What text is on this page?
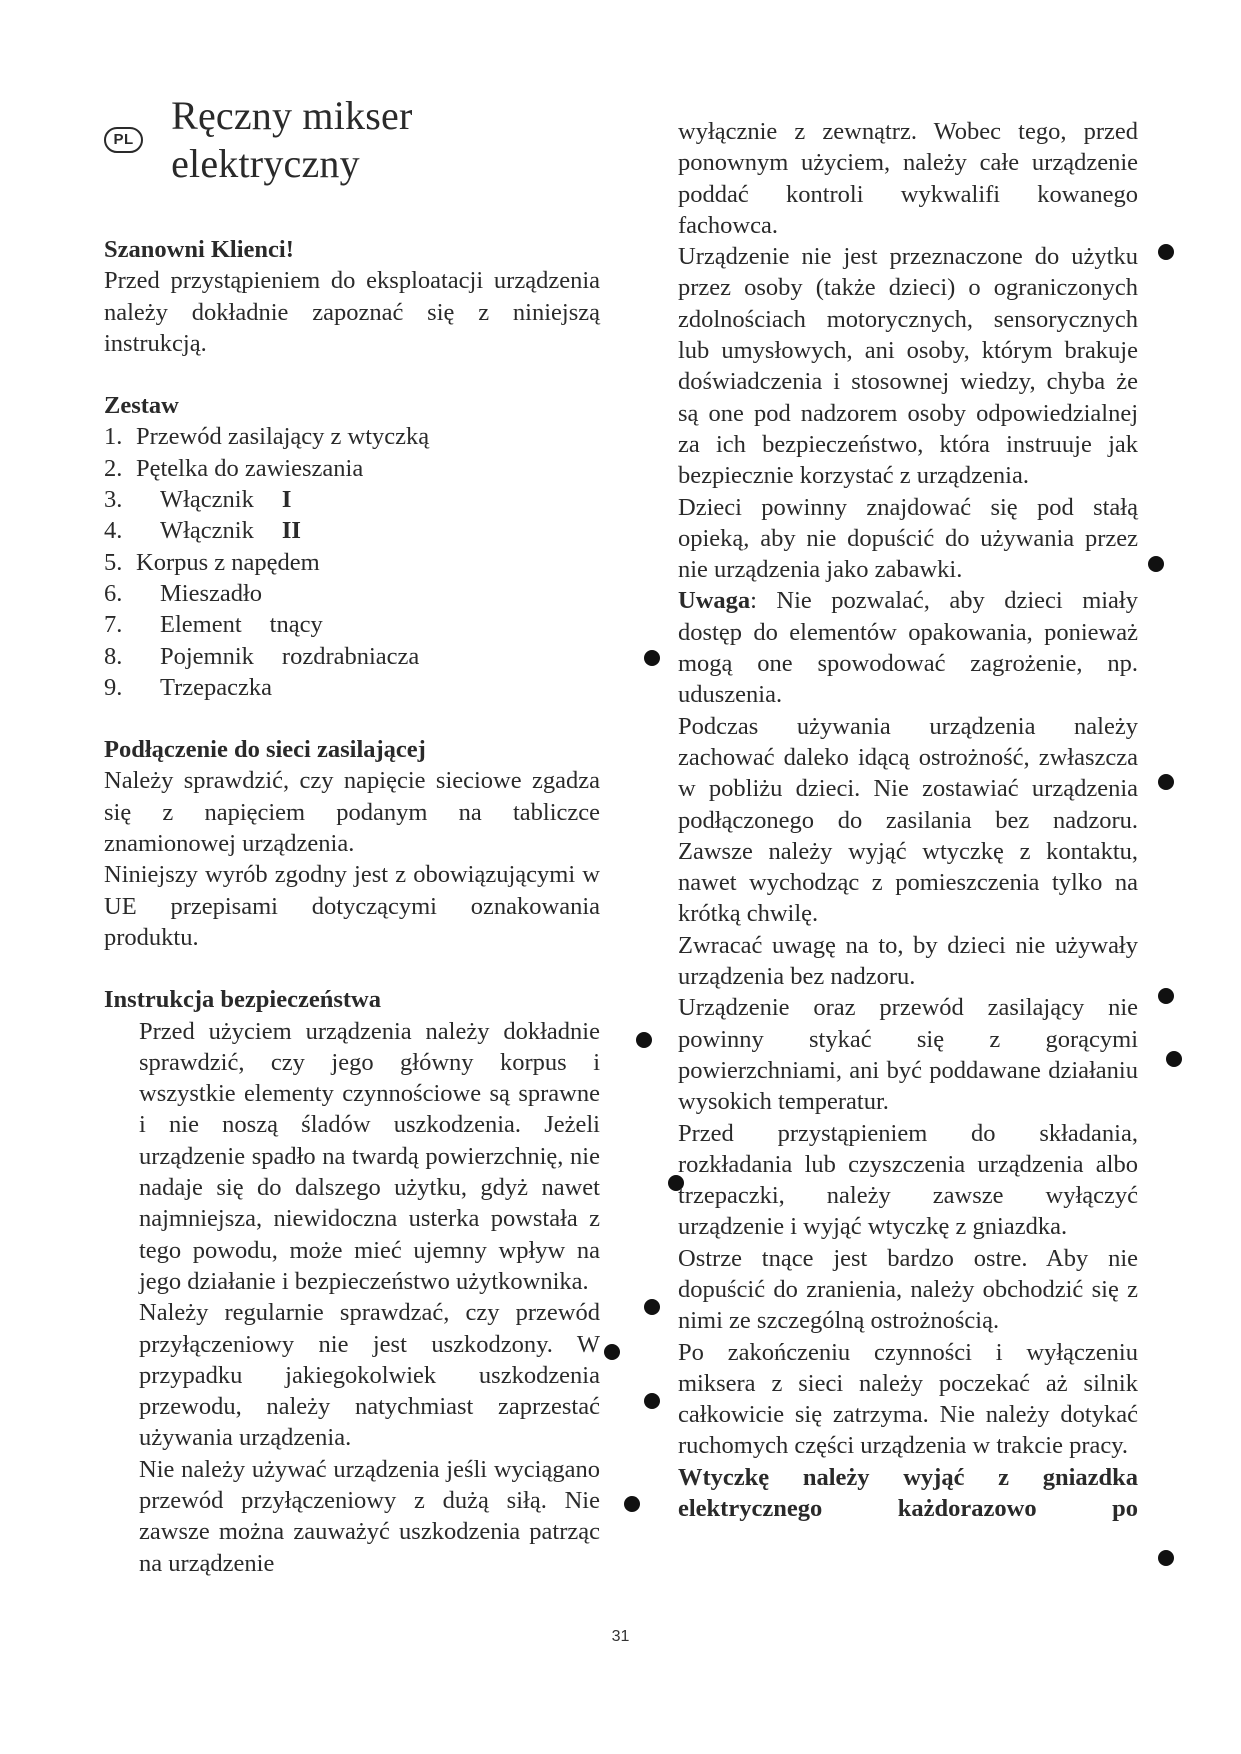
PL
Ręczny mikser elektryczny

Szanowni Klienci!

Przed przystąpieniem do eksploatacji urządzenia należy dokładnie zapoznać się z niniejszą instrukcją.

Zestaw

1. Przewód zasilający z wtyczką
2. Pętelka do zawieszania
3.	Włącznik I
4.	Włącznik II
5. Korpus z napędem
6.	Mieszadło
7.	Element tnący
8.	Pojemnik rozdrabniacza
9.	Trzepaczka

Podłączenie do sieci zasilającej

Należy sprawdzić, czy napięcie sieciowe zgadza się z napięciem podanym na tabliczce znamionowej urządzenia.

Niniejszy wyrób zgodny jest z obowiązującymi w UE przepisami dotyczącymi oznakowania produktu.

Instrukcja bezpieczeństwa

Przed użyciem urządzenia należy dokładnie sprawdzić, czy jego główny korpus i wszystkie elementy czynnościowe są sprawne i nie noszą śladów uszkodzenia. Jeżeli urządzenie spadło na twardą powierzchnię, nie nadaje się do dalszego użytku, gdyż nawet najmniejsza, niewidoczna usterka powstała z tego powodu, może mieć ujemny wpływ na jego działanie i bezpieczeństwo użytkownika.

Należy regularnie sprawdzać, czy przewód przyłączeniowy nie jest uszkodzony. W przypadku jakiegokolwiek uszkodzenia przewodu, należy natychmiast zaprzestać używania urządzenia.

Nie należy używać urządzenia jeśli wyciągano przewód przyłączeniowy z dużą siłą. Nie zawsze można zauważyć uszkodzenia patrząc na urządzenie

wyłącznie z zewnątrz. Wobec tego, przed ponownym użyciem, należy całe urządzenie poddać kontroli wykwalifi kowanego fachowca.

Urządzenie nie jest przeznaczone do użytku przez osoby (także dzieci) o ograniczonych zdolnościach motorycznych, sensorycznych lub umysłowych, ani osoby, którym brakuje doświadczenia i stosownej wiedzy, chyba że są one pod nadzorem osoby odpowiedzialnej za ich bezpieczeństwo, która instruuje jak bezpiecznie korzystać z urządzenia.

Dzieci powinny znajdować się pod stałą opieką, aby nie dopuścić do używania przez nie urządzenia jako zabawki.

Uwaga: Nie pozwalać, aby dzieci miały dostęp do elementów opakowania, ponieważ mogą one spowodować zagrożenie, np. uduszenia.

Podczas używania urządzenia należy zachować daleko idącą ostrożność, zwłaszcza w pobliżu dzieci. Nie zostawiać urządzenia podłączonego do zasilania bez nadzoru. Zawsze należy wyjąć wtyczkę z kontaktu, nawet wychodząc z pomieszczenia tylko na krótką chwilę.

Zwracać uwagę na to, by dzieci nie używały urządzenia bez nadzoru.

Urządzenie oraz przewód zasilający nie powinny stykać się z gorącymi powierzchniami, ani być poddawane działaniu wysokich temperatur.

Przed przystąpieniem do składania, rozkładania lub czyszczenia urządzenia albo trzepaczki, należy zawsze wyłączyć urządzenie i wyjąć wtyczkę z gniazdka.

Ostrze tnące jest bardzo ostre. Aby nie dopuścić do zranienia, należy obchodzić się z nimi ze szczególną ostrożnością.

Po zakończeniu czynności i wyłączeniu miksera z sieci należy poczekać aż silnik całkowicie się zatrzyma. Nie należy dotykać ruchomych części urządzenia w trakcie pracy.

Wtyczkę należy wyjąć z gniazdka elektrycznego każdorazowo po

31
